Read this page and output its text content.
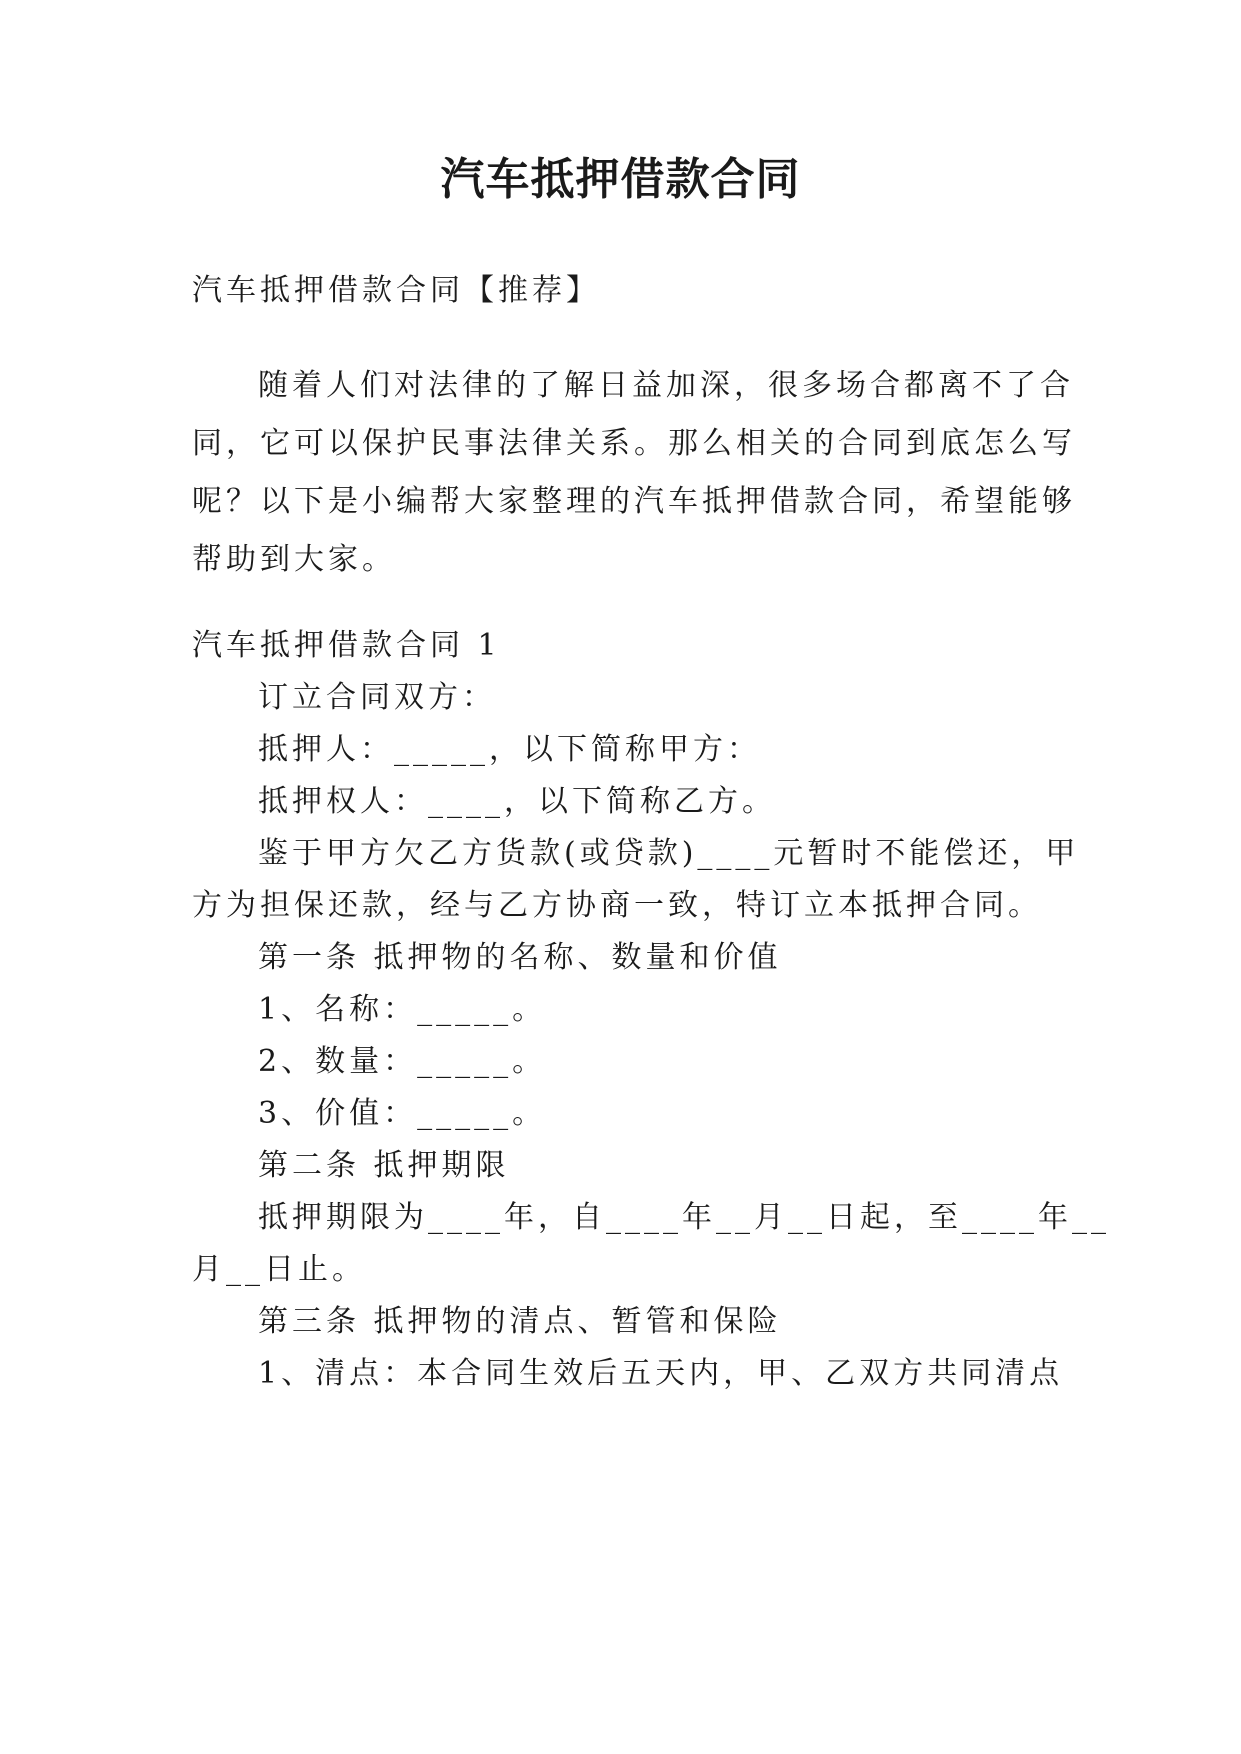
汽车抵押借款合同

汽车抵押借款合同【推荐】

随着人们对法律的了解日益加深，很多场合都离不了合
同，它可以保护民事法律关系。那么相关的合同到底怎么写
呢？以下是小编帮大家整理的汽车抵押借款合同，希望能够
帮助到大家。

汽车抵押借款合同 1

订立合同双方：

抵押人：_____，以下简称甲方：

抵押权人：____，以下简称乙方。

鉴于甲方欠乙方货款(或贷款)____元暂时不能偿还，甲

方为担保还款，经与乙方协商一致，特订立本抵押合同。

第一条 抵押物的名称、数量和价值

1、名称：_____。

2、数量：_____。

3、价值：_____。

第二条 抵押期限

抵押期限为____年，自____年__月__日起，至____年__

月__日止。

第三条 抵押物的清点、暂管和保险

1、清点：本合同生效后五天内，甲、乙双方共同清点
